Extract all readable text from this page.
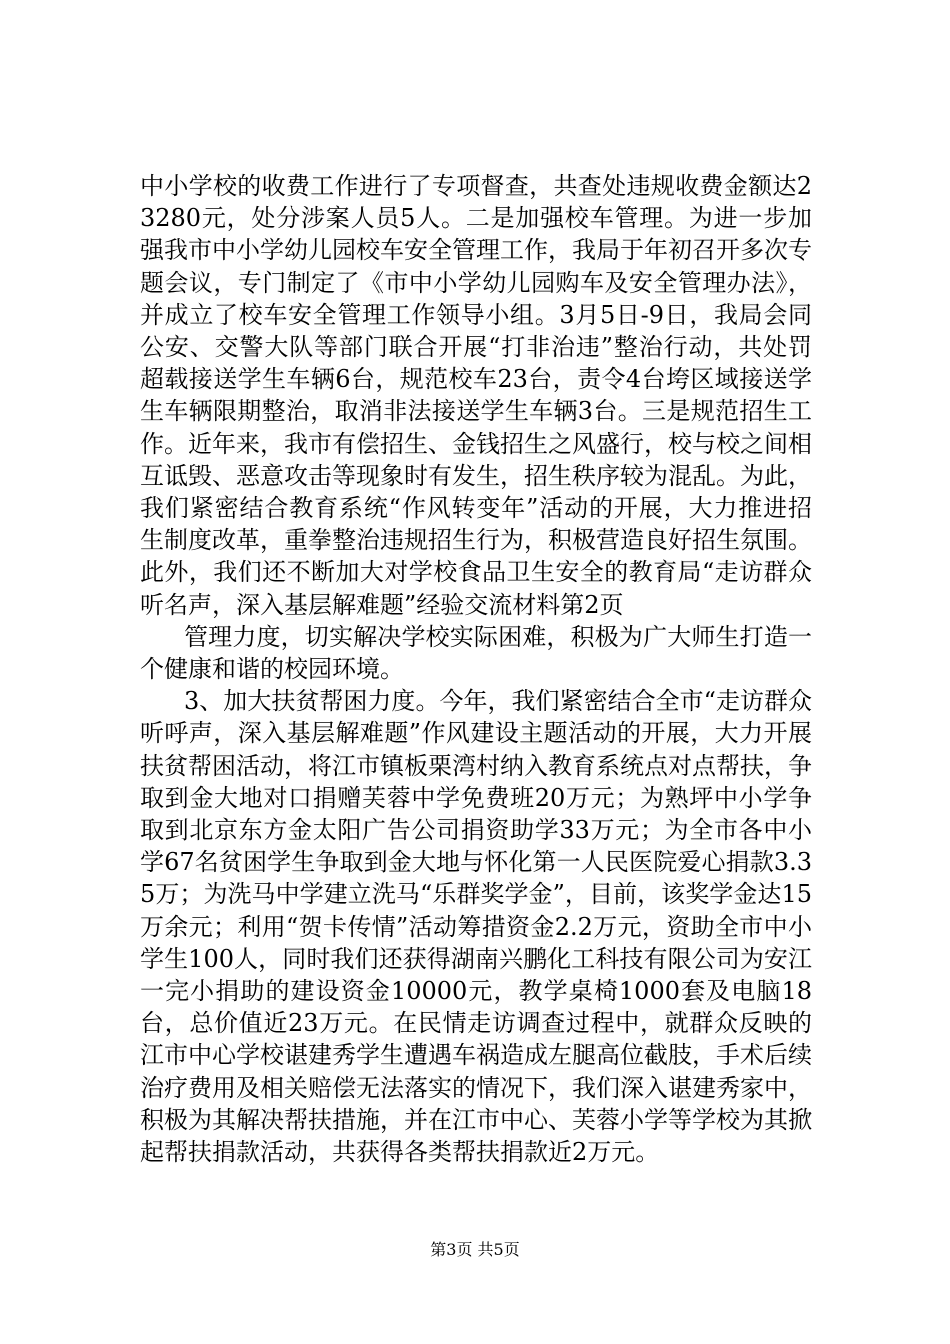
中小学校的收费工作进行了专项督查，共查处违规收费金额达23280元，处分涉案人员5人。二是加强校车管理。为进一步加强我市中小学幼儿园校车安全管理工作，我局于年初召开多次专题会议，专门制定了《市中小学幼儿园购车及安全管理办法》，并成立了校车安全管理工作领导小组。3月5日-9日，我局会同公安、交警大队等部门联合开展“打非治违”整治行动，共处罚超载接送学生车辆6台，规范校车23台，责令4台垮区域接送学生车辆限期整治，取消非法接送学生车辆3台。三是规范招生工作。近年来，我市有偿招生、金钱招生之风盛行，校与校之间相互诋毁、恶意攻击等现象时有发生，招生秩序较为混乱。为此，我们紧密结合教育系统“作风转变年”活动的开展，大力推进招生制度改革，重拳整治违规招生行为，积极营造良好招生氛围。此外，我们还不断加大对学校食品卫生安全的教育局“走访群众听名声，深入基层解难题”经验交流材料第2页

管理力度，切实解决学校实际困难，积极为广大师生打造一个健康和谐的校园环境。

3、加大扶贫帮困力度。今年，我们紧密结合全市“走访群众听呼声，深入基层解难题”作风建设主题活动的开展，大力开展扶贫帮困活动，将江市镇板栗湾村纳入教育系统点对点帮扶，争取到金大地对口捐赠芙蓉中学免费班20万元；为熟坪中小学争取到北京东方金太阳广告公司捐资助学33万元；为全市各中小学67名贫困学生争取到金大地与怀化第一人民医院爱心捐款3.35万；为洗马中学建立洗马“乐群奖学金”，目前，该奖学金达15万余元；利用“贺卡传情”活动筹措资金2.2万元，资助全市中小学生100人，同时我们还获得湖南兴鹏化工科技有限公司为安江一完小捐助的建设资金10000元，教学桌椅1000套及电脑18台，总价值近23万元。在民情走访调查过程中，就群众反映的江市中心学校谌建秀学生遭遇车祸造成左腿高位截肢，手术后续治疗费用及相关赔偿无法落实的情况下，我们深入谌建秀家中，积极为其解决帮扶措施，并在江市中心、芙蓉小学等学校为其掀起帮扶捐款活动，共获得各类帮扶捐款近2万元。

第3页 共5页
